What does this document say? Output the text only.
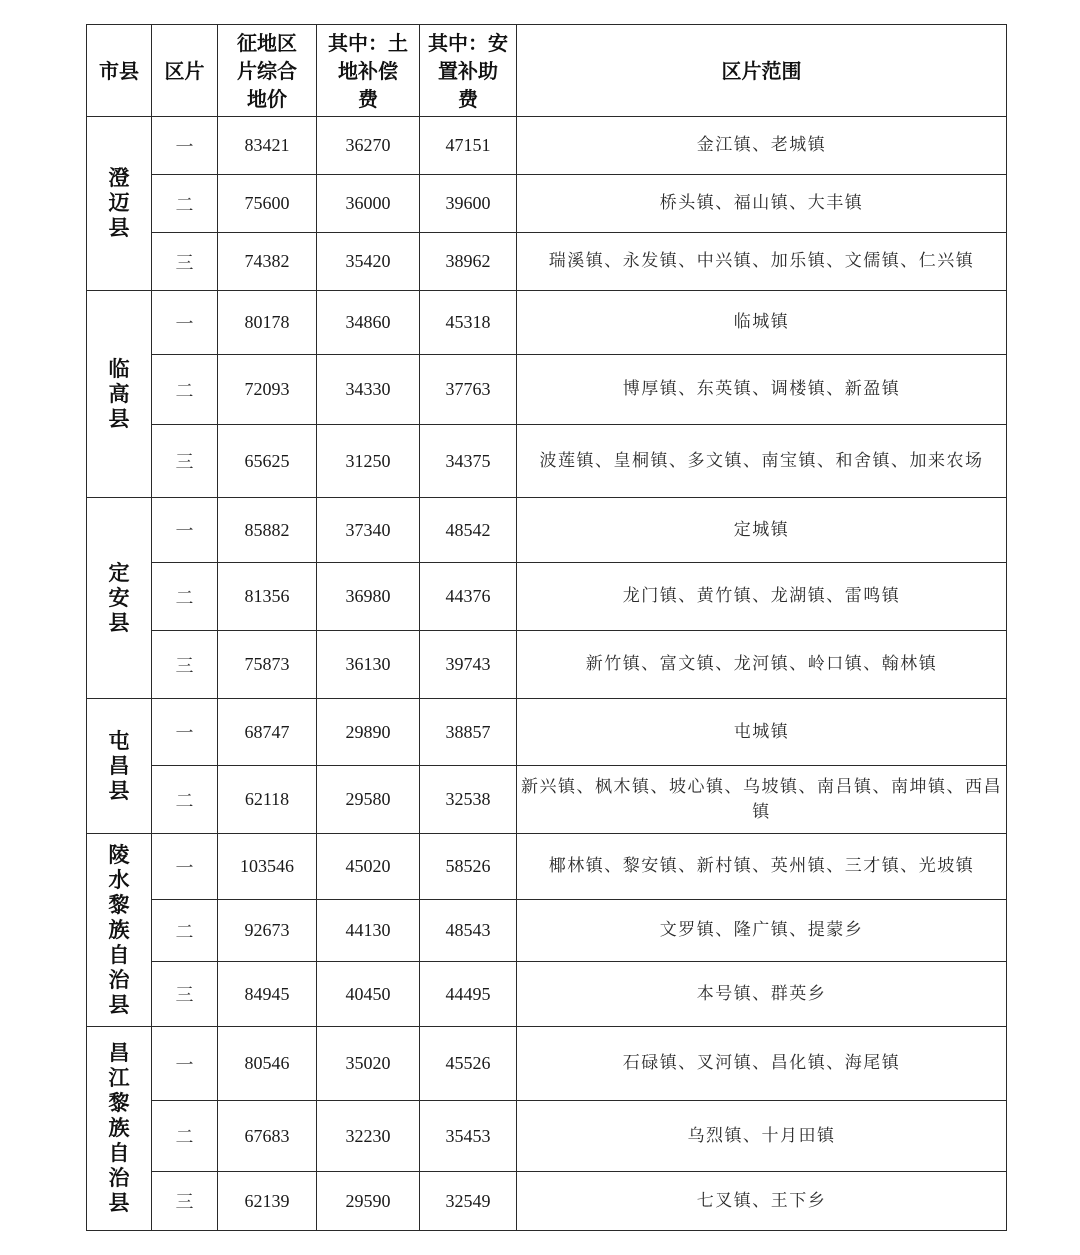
市县	区片	征地区
片综合
地价	其中：土
地补偿
费	其中：安
置补助
费	区片范围

澄迈县	一	83421	36270	47151	金江镇、老城镇
	二	75600	36000	39600	桥头镇、福山镇、大丰镇
	三	74382	35420	38962	瑞溪镇、永发镇、中兴镇、加乐镇、文儒镇、仁兴镇

临高县	一	80178	34860	45318	临城镇
	二	72093	34330	37763	博厚镇、东英镇、调楼镇、新盈镇
	三	65625	31250	34375	波莲镇、皇桐镇、多文镇、南宝镇、和舍镇、加来农场

定安县	一	85882	37340	48542	定城镇
	二	81356	36980	44376	龙门镇、黄竹镇、龙湖镇、雷鸣镇
	三	75873	36130	39743	新竹镇、富文镇、龙河镇、岭口镇、翰林镇

屯昌县	一	68747	29890	38857	屯城镇
	二	62118	29580	32538	新兴镇、枫木镇、坡心镇、乌坡镇、南吕镇、南坤镇、西昌镇

陵水黎族自治县	一	103546	45020	58526	椰林镇、黎安镇、新村镇、英州镇、三才镇、光坡镇
	二	92673	44130	48543	文罗镇、隆广镇、提蒙乡
	三	84945	40450	44495	本号镇、群英乡

昌江黎族自治县	一	80546	35020	45526	石碌镇、叉河镇、昌化镇、海尾镇
	二	67683	32230	35453	乌烈镇、十月田镇
	三	62139	29590	32549	七叉镇、王下乡
